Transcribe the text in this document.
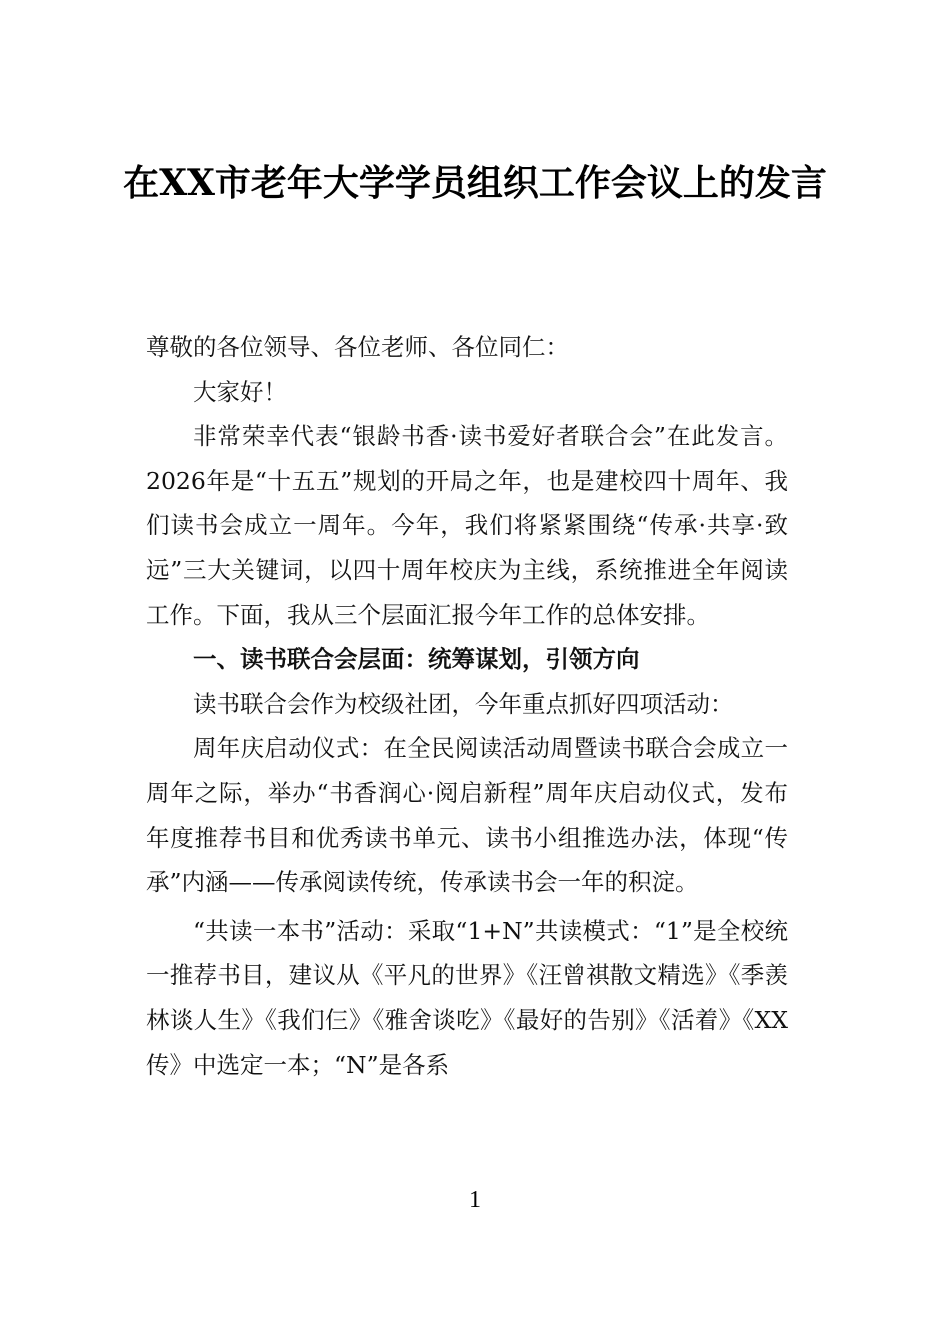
在XX市老年大学学员组织工作会议上的发言

尊敬的各位领导、各位老师、各位同仁：

大家好！

非常荣幸代表“银龄书香·读书爱好者联合会”在此发言。2026年是“十五五”规划的开局之年，也是建校四十周年、我们读书会成立一周年。今年，我们将紧紧围绕“传承·共享·致远”三大关键词，以四十周年校庆为主线，系统推进全年阅读工作。下面，我从三个层面汇报今年工作的总体安排。

一、读书联合会层面：统筹谋划，引领方向

读书联合会作为校级社团，今年重点抓好四项活动：

周年庆启动仪式：在全民阅读活动周暨读书联合会成立一周年之际，举办“书香润心·阅启新程”周年庆启动仪式，发布年度推荐书目和优秀读书单元、读书小组推选办法，体现“传承”内涵——传承阅读传统，传承读书会一年的积淀。

“共读一本书”活动：采取“1+N”共读模式：“1”是全校统一推荐书目，建议从《平凡的世界》《汪曾祺散文精选》《季羡林谈人生》《我们仨》《雅舍谈吃》《最好的告别》《活着》《XX传》中选定一本；“N”是各系

1
